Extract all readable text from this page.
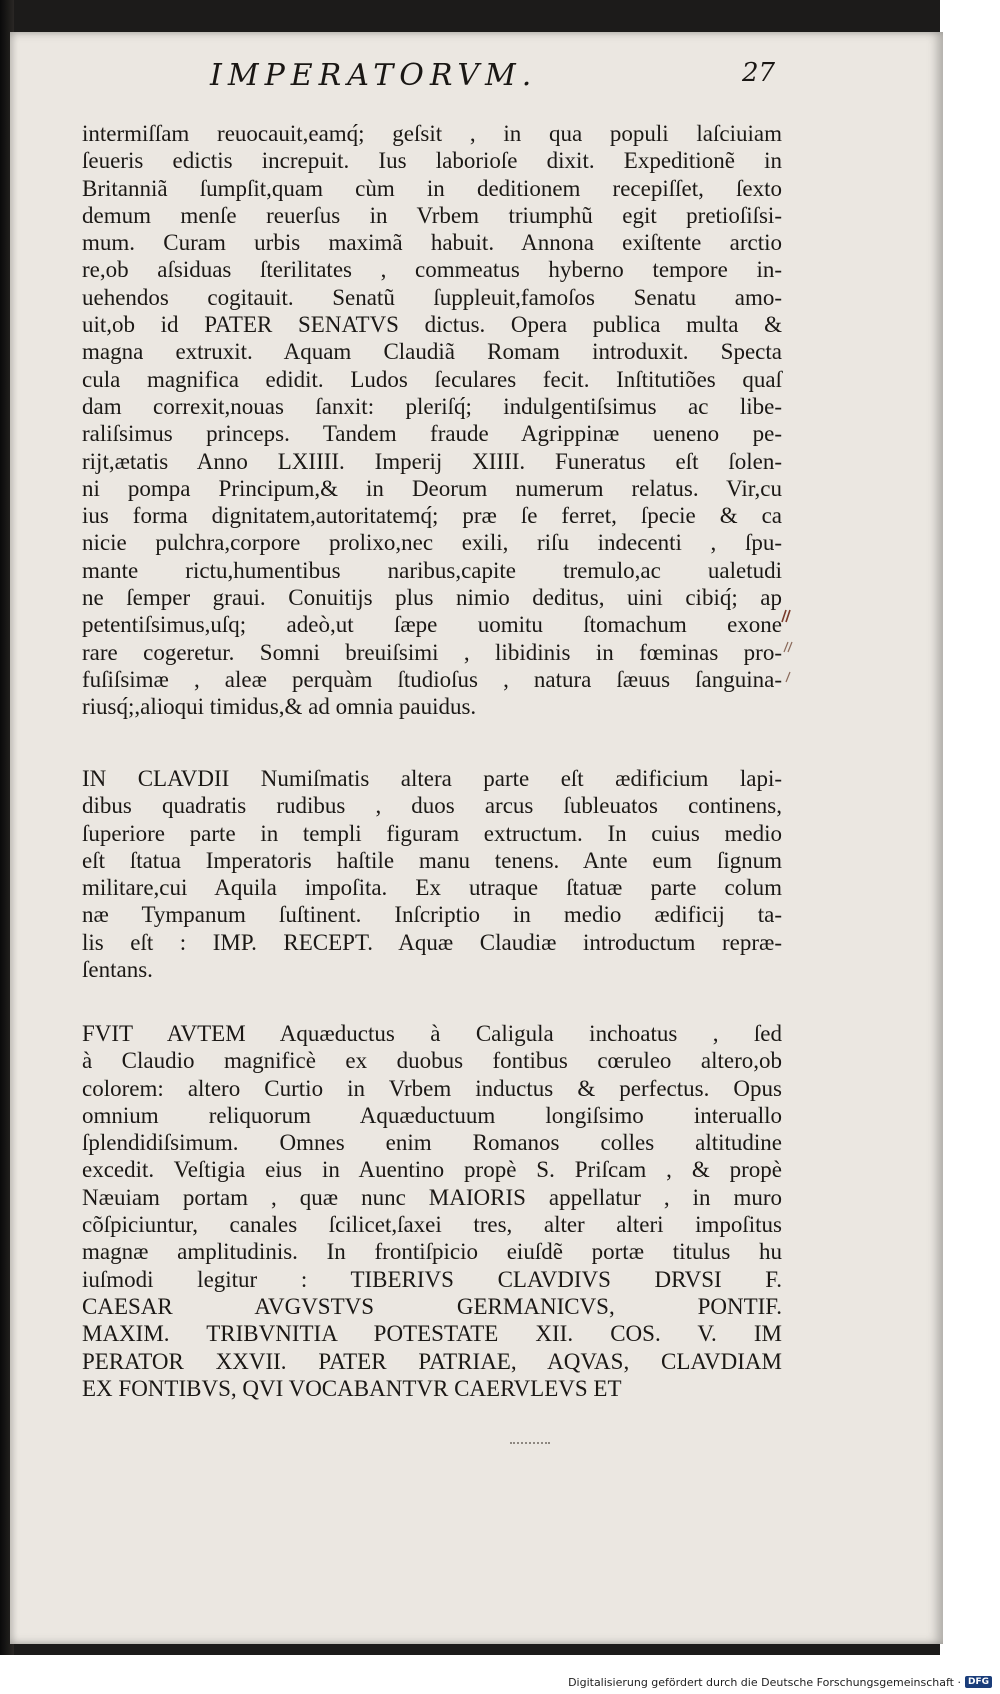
IMPERATORVM.	27
intermiſſam reuocauit,eamq́; geſsit , in qua populi laſciuiam
ſeueris edictis increpuit. Ius laborioſe dixit. Expeditionẽ in
Britanniã ſumpſit,quam cùm in deditionem recepiſſet, ſexto
demum menſe reuerſus in Vrbem triumphũ egit pretioſiſsi-
mum. Curam urbis maximã habuit. Annona exiſtente arctio
re,ob aſsiduas ſterilitates , commeatus hyberno tempore in-
uehendos cogitauit. Senatũ ſuppleuit,famoſos Senatu amo-
uit,ob id PATER SENATVS dictus. Opera publica multa &
magna extruxit. Aquam Claudiã Romam introduxit. Specta
cula magnifica edidit. Ludos ſeculares fecit. Inſtitutiões quaſ
dam correxit,nouas ſanxit: pleriſq́; indulgentiſsimus ac libe-
raliſsimus princeps. Tandem fraude Agrippinæ ueneno pe-
rijt,ætatis Anno LXIIII. Imperij XIIII. Funeratus eſt ſolen-
ni pompa Principum,& in Deorum numerum relatus. Vir,cu
ius forma dignitatem,autoritatemq́; præ ſe ferret, ſpecie & ca
nicie pulchra,corpore prolixo,nec exili, riſu indecenti , ſpu-
mante rictu,humentibus naribus,capite tremulo,ac ualetudi
ne ſemper graui. Conuitijs plus nimio deditus, uini cibiq́; ap
petentiſsimus,uſq; adeò,ut ſæpe uomitu ſtomachum exone
rare cogeretur. Somni breuiſsimi , libidinis in fœminas pro-
fuſiſsimæ , aleæ perquàm ſtudioſus , natura ſæuus ſanguina-
riusq́;,alioqui timidus,& ad omnia pauidus.
IN CLAVDII Numiſmatis altera parte eſt ædificium lapi-
dibus quadratis rudibus , duos arcus ſubleuatos continens,
ſuperiore parte in templi figuram extructum. In cuius medio
eſt ſtatua Imperatoris haſtile manu tenens. Ante eum ſignum
militare,cui Aquila impoſita. Ex utraque ſtatuæ parte colum
næ Tympanum ſuſtinent. Inſcriptio in medio ædificij ta-
lis eſt : IMP. RECEPT. Aquæ Claudiæ introductum repræ-
ſentans.
FVIT AVTEM Aquæductus à Caligula inchoatus , ſed
à Claudio magnificè ex duobus fontibus cœruleo altero,ob
colorem: altero Curtio in Vrbem inductus & perfectus. Opus
omnium reliquorum Aquæductuum longiſsimo interuallo
ſplendidiſsimum. Omnes enim Romanos colles altitudine
excedit. Veſtigia eius in Auentino propè S. Priſcam , & propè
Næuiam portam , quæ nunc MAIORIS appellatur , in muro
cõſpiciuntur, canales ſcilicet,ſaxei tres, alter alteri impoſitus
magnæ amplitudinis. In frontiſpicio eiuſdẽ portæ titulus hu
iuſmodi legitur : TIBERIVS CLAVDIVS DRVSI F.
CAESAR AVGVSTVS GERMANICVS, PONTIF.
MAXIM. TRIBVNITIA POTESTATE XII. COS. V. IM
PERATOR XXVII. PATER PATRIAE, AQVAS, CLAVDIAM
EX FONTIBVS, QVI VOCABANTVR CAERVLEVS ET
Digitalisierung gefördert durch die Deutsche Forschungsgemeinschaft · DFG
